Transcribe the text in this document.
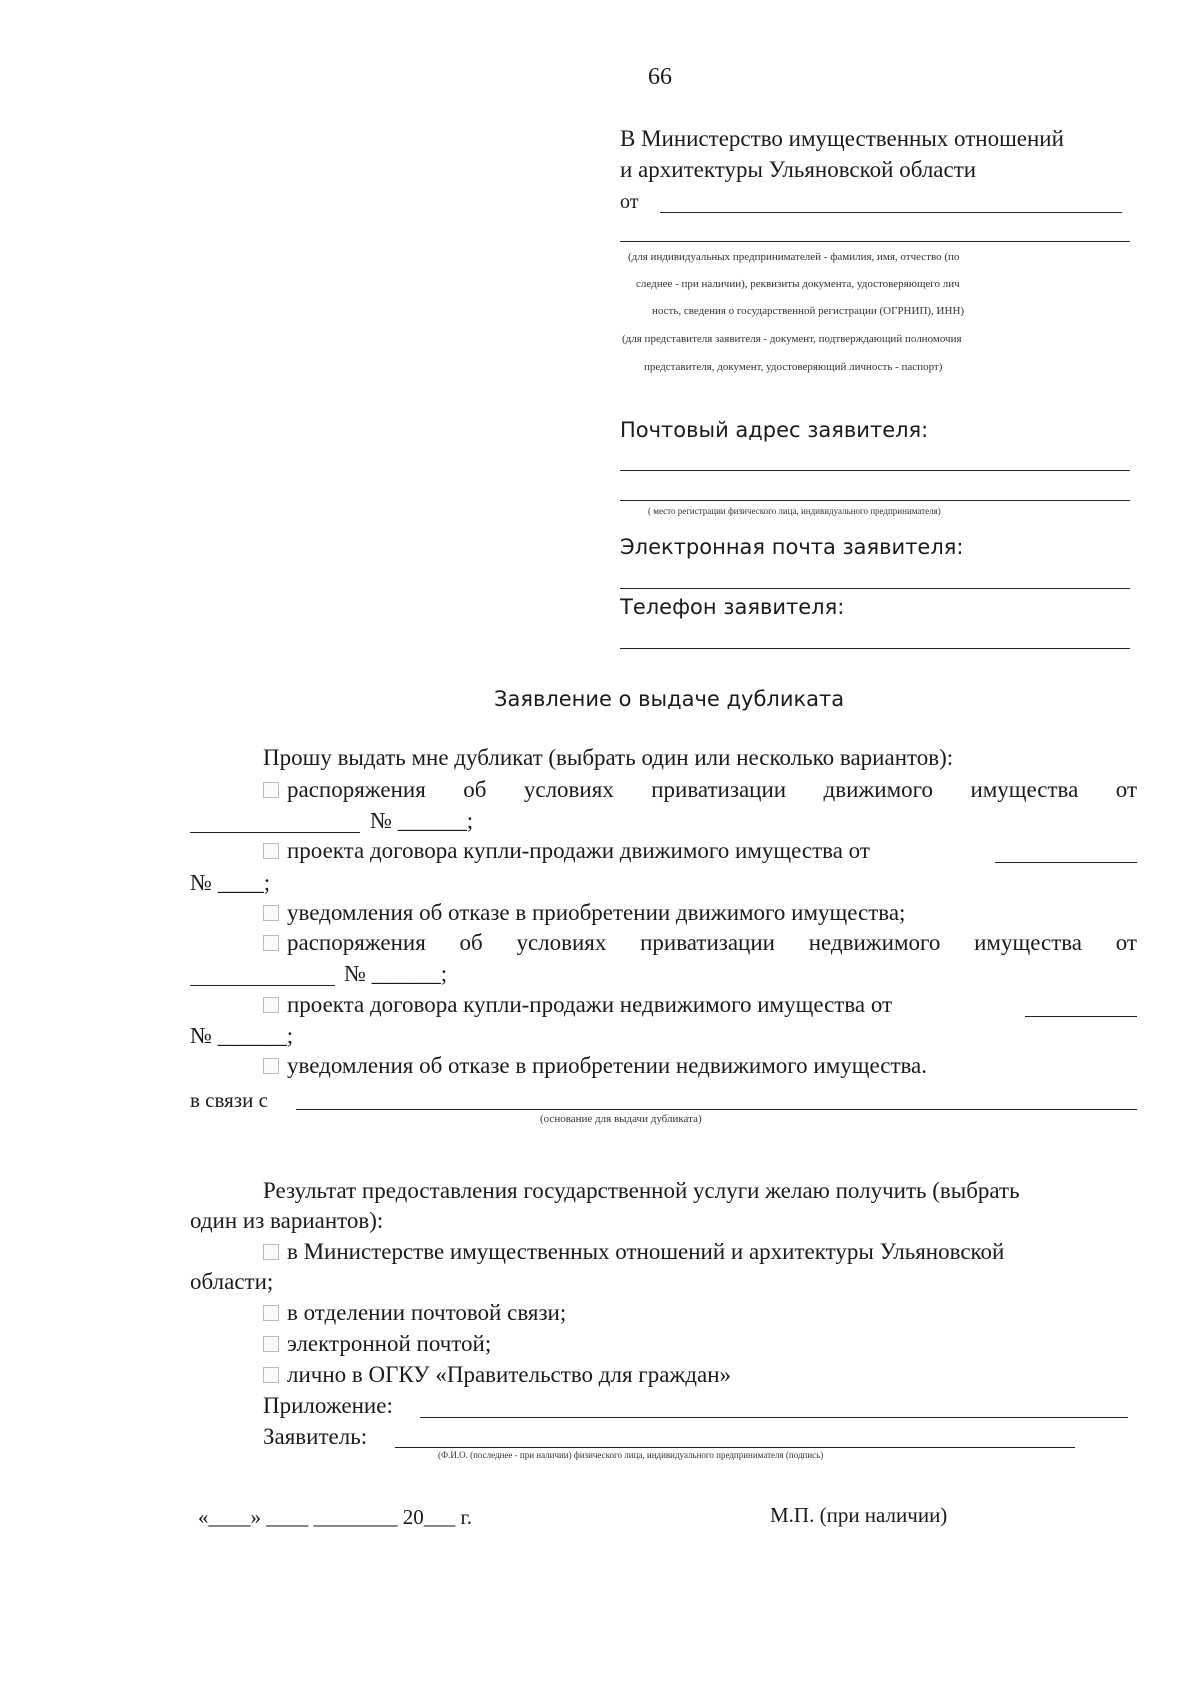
66
В Министерство имущественных отношений
и архитектуры Ульяновской области
от
(для индивидуальных предпринимателей - фамилия, имя, отчество (по
следнее - при наличии), реквизиты документа, удостоверяющего лич
ность, сведения о государственной регистрации (ОГРНИП), ИНН)
(для представителя заявителя - документ, подтверждающий полномочия
представителя, документ, удостоверяющий личность - паспорт)
Почтовый адрес заявителя:
( место регистрации физического лица, индивидуального предпринимателя)
Электронная почта заявителя:
Телефон заявителя:
Заявление о выдаче дубликата
Прошу выдать мне дубликат (выбрать один или несколько вариантов):
распоряжения об условиях приватизации движимого имущества от
№ ______;
проекта договора купли-продажи движимого имущества от
№ ____;
уведомления об отказе в приобретении движимого имущества;
распоряжения об условиях приватизации недвижимого имущества от
№ ______;
проекта договора купли-продажи недвижимого имущества от
№ ______;
уведомления об отказе в приобретении недвижимого имущества.
в связи с
(основание для выдачи дубликата)
Результат предоставления государственной услуги желаю получить (выбрать
один из вариантов):
в Министерстве имущественных отношений и архитектуры Ульяновской
области;
в отделении почтовой связи;
электронной почтой;
лично в ОГКУ «Правительство для граждан»
Приложение:
Заявитель:
(Ф.И.О. (последнее - при наличии) физического лица, индивидуального предпринимателя (подпись)
«____» ____ ________ 20___ г.	М.П. (при наличии)
